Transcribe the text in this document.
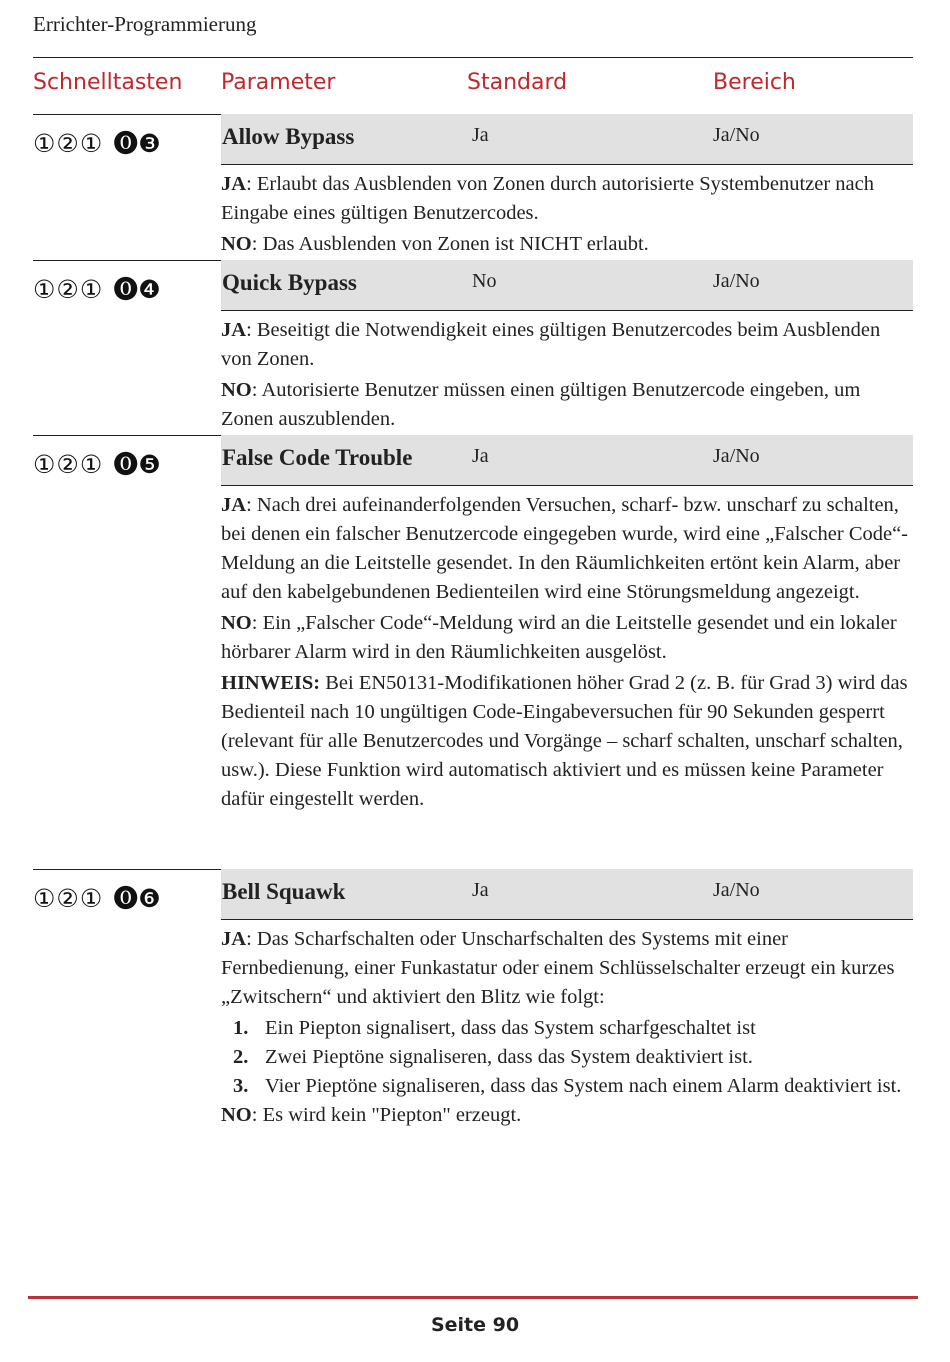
Errichter-Programmierung
Schnelltasten Parameter	Standard	Bereich
①②① ⓿❸	Allow Bypass	Ja	Ja/No

JA: Erlaubt das Ausblenden von Zonen durch autorisierte Systembenutzer nach Eingabe eines gültigen Benutzercodes.

NO: Das Ausblenden von Zonen ist NICHT erlaubt.

①②① ⓿❹	Quick Bypass	No	Ja/No

JA: Beseitigt die Notwendigkeit eines gültigen Benutzercodes beim Ausblenden von Zonen.

NO: Autorisierte Benutzer müssen einen gültigen Benutzercode eingeben, um Zonen auszublenden.

①②① ⓿❺	False Code Trouble	Ja	Ja/No

JA: Nach drei aufeinanderfolgenden Versuchen, scharf- bzw. unscharf zu schalten, bei denen ein falscher Benutzercode eingegeben wurde, wird eine „Falscher Code“-Meldung an die Leitstelle gesendet. In den Räumlichkeiten ertönt kein Alarm, aber auf den kabelgebundenen Bedienteilen wird eine Störungsmeldung angezeigt.

NO: Ein „Falscher Code“-Meldung wird an die Leitstelle gesendet und ein lokaler hörbarer Alarm wird in den Räumlichkeiten ausgelöst.

HINWEIS: Bei EN50131-Modifikationen höher Grad 2 (z. B. für Grad 3) wird das Bedienteil nach 10 ungültigen Code-Eingabeversuchen für 90 Sekunden gesperrt (relevant für alle Benutzercodes und Vorgänge – scharf schalten, unscharf schalten, usw.). Diese Funktion wird automatisch aktiviert und es müssen keine Parameter dafür eingestellt werden.

①②① ⓿❻	Bell Squawk	Ja	Ja/No

JA: Das Scharfschalten oder Unscharfschalten des Systems mit einer Fernbedienung, einer Funkastatur oder einem Schlüsselschalter erzeugt ein kurzes „Zwitschern“ und aktiviert den Blitz wie folgt:

1. Ein Piepton signalisert, dass das System scharfgeschaltet ist
2. Zwei Pieptöne signaliseren, dass das System deaktiviert ist.
3. Vier Pieptöne signaliseren, dass das System nach einem Alarm deaktiviert ist.

NO: Es wird kein "Piepton" erzeugt.

Seite 90
